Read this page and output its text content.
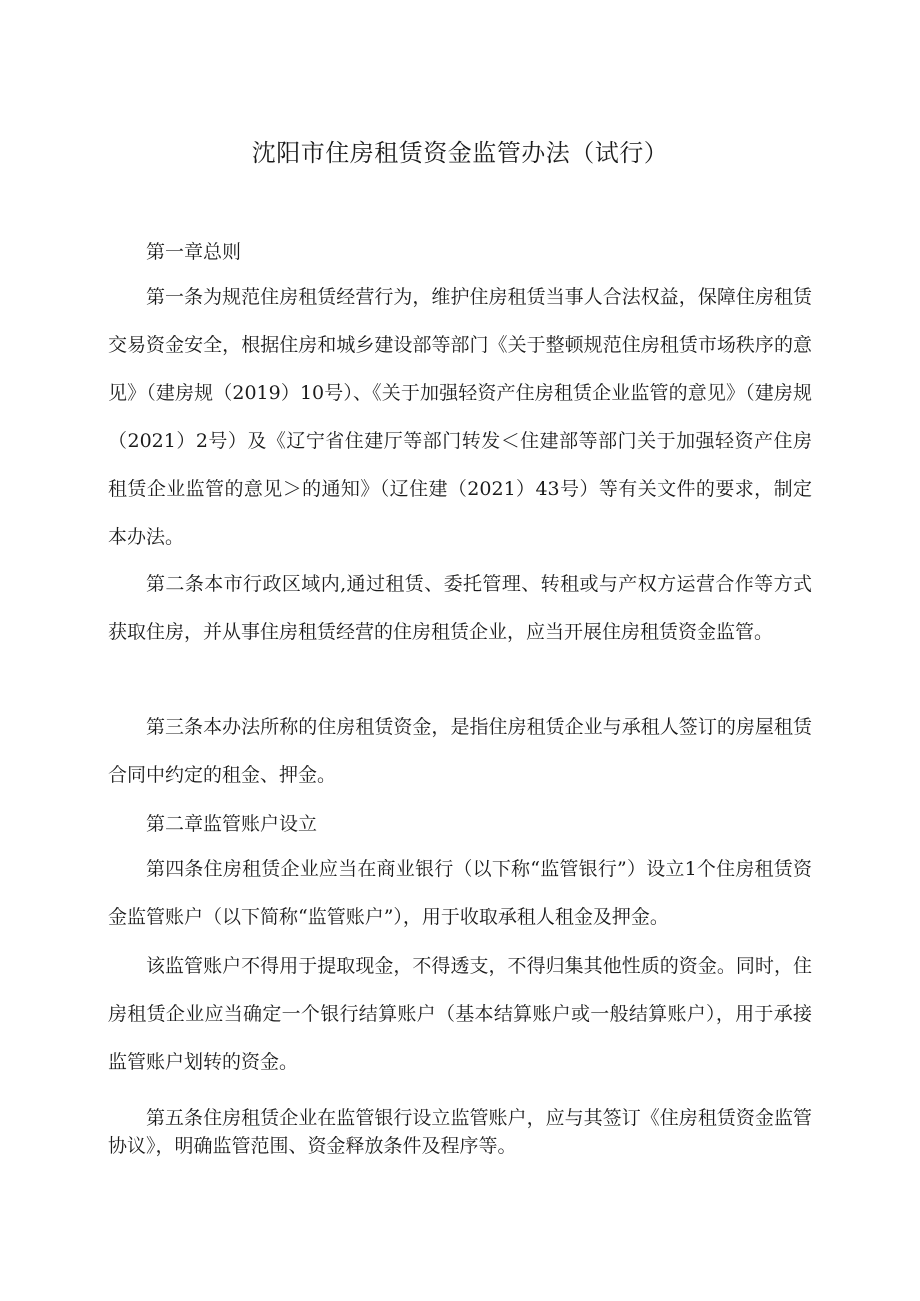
沈阳市住房租赁资金监管办法（试行）

第一章总则

第一条为规范住房租赁经营行为，维护住房租赁当事人合法权益，保障住房租赁交易资金安全，根据住房和城乡建设部等部门《关于整顿规范住房租赁市场秩序的意见》（建房规（2019）10号）、《关于加强轻资产住房租赁企业监管的意见》（建房规（2021）2号）及《辽宁省住建厅等部门转发＜住建部等部门关于加强轻资产住房租赁企业监管的意见＞的通知》（辽住建（2021）43号）等有关文件的要求，制定本办法。

第二条本市行政区域内,通过租赁、委托管理、转租或与产权方运营合作等方式获取住房，并从事住房租赁经营的住房租赁企业，应当开展住房租赁资金监管。

第三条本办法所称的住房租赁资金，是指住房租赁企业与承租人签订的房屋租赁合同中约定的租金、押金。

第二章监管账户设立

第四条住房租赁企业应当在商业银行（以下称“监管银行”）设立1个住房租赁资金监管账户（以下简称“监管账户”），用于收取承租人租金及押金。

该监管账户不得用于提取现金，不得透支，不得归集其他性质的资金。同时，住房租赁企业应当确定一个银行结算账户（基本结算账户或一般结算账户），用于承接监管账户划转的资金。

第五条住房租赁企业在监管银行设立监管账户，应与其签订《住房租赁资金监管协议》，明确监管范围、资金释放条件及程序等。
